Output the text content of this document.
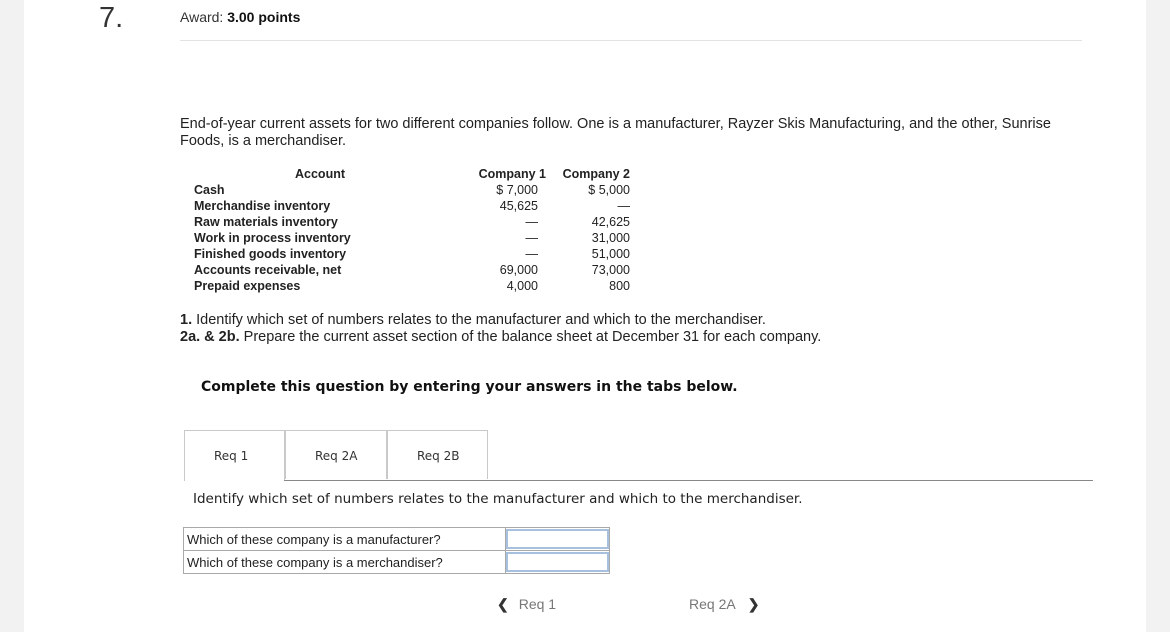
7.	Award: 3.00 points
End-of-year current assets for two different companies follow. One is a manufacturer, Rayzer Skis Manufacturing, and the other, Sunrise Foods, is a merchandiser.
Account	Company 1	Company 2
Cash	$ 7,000	$ 5,000
Merchandise inventory	45,625	—
Raw materials inventory	—	42,625
Work in process inventory	—	31,000
Finished goods inventory	—	51,000
Accounts receivable, net	69,000	73,000
Prepaid expenses	4,000	800
1. Identify which set of numbers relates to the manufacturer and which to the merchandiser.
2a. & 2b. Prepare the current asset section of the balance sheet at December 31 for each company.
Complete this question by entering your answers in the tabs below.
Req 1	Req 2A	Req 2B
Identify which set of numbers relates to the manufacturer and which to the merchandiser.
Which of these company is a manufacturer?	

Which of these company is a merchandiser?	
❮ Req 1	Req 2A ❯
